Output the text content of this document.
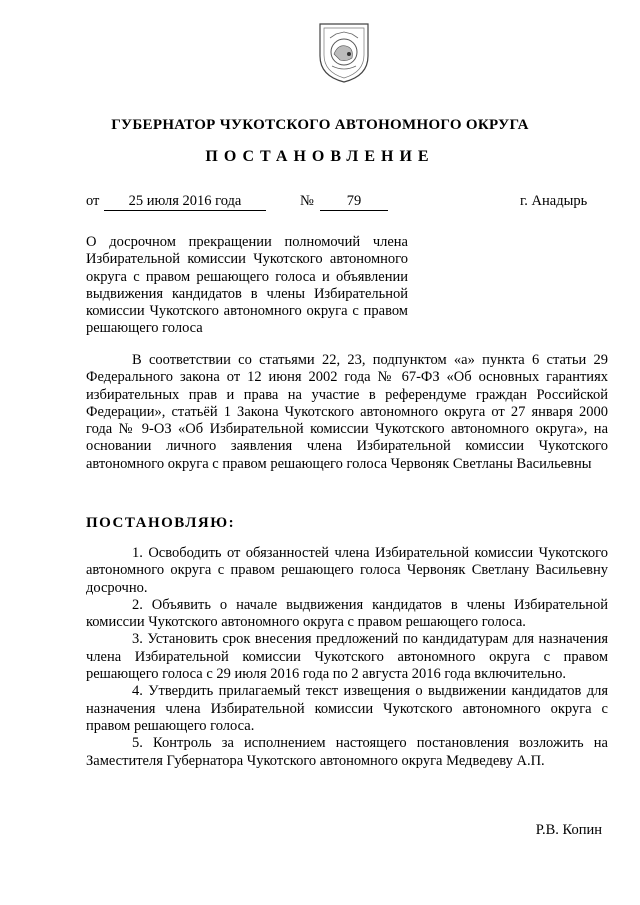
ГУБЕРНАТОР ЧУКОТСКОГО АВТОНОМНОГО ОКРУГА
ПОСТАНОВЛЕНИЕ
от	25 июля 2016 года	№	79	г. Анадырь
О досрочном прекращении полномочий члена Избирательной комиссии Чукотского автономного округа с правом решающего голоса и объявлении выдвижения кандидатов в члены Избирательной комиссии Чукотского автономного округа с правом решающего голоса
В соответствии со статьями 22, 23, подпунктом «а» пункта 6 статьи 29 Федерального закона от 12 июня 2002 года № 67-ФЗ «Об основных гарантиях избирательных прав и права на участие в референдуме граждан Российской Федерации», статьёй 1 Закона Чукотского автономного округа от 27 января 2000 года № 9-ОЗ «Об Избирательной комиссии Чукотского автономного округа», на основании личного заявления члена Избирательной комиссии Чукотского автономного округа с правом решающего голоса Червоняк Светланы Васильевны
ПОСТАНОВЛЯЮ:

1. Освободить от обязанностей члена Избирательной комиссии Чукотского автономного округа с правом решающего голоса Червоняк Светлану Васильевну досрочно.

2. Объявить о начале выдвижения кандидатов в члены Избирательной комиссии Чукотского автономного округа с правом решающего голоса.

3. Установить срок внесения предложений по кандидатурам для назначения члена Избирательной комиссии Чукотского автономного округа с правом решающего голоса с 29 июля 2016 года по 2 августа 2016 года включительно.

4. Утвердить прилагаемый текст извещения о выдвижении кандидатов для назначения члена Избирательной комиссии Чукотского автономного округа с правом решающего голоса.

5. Контроль за исполнением настоящего постановления возложить на Заместителя Губернатора Чукотского автономного округа Медведеву А.П.

Р.В. Копин
